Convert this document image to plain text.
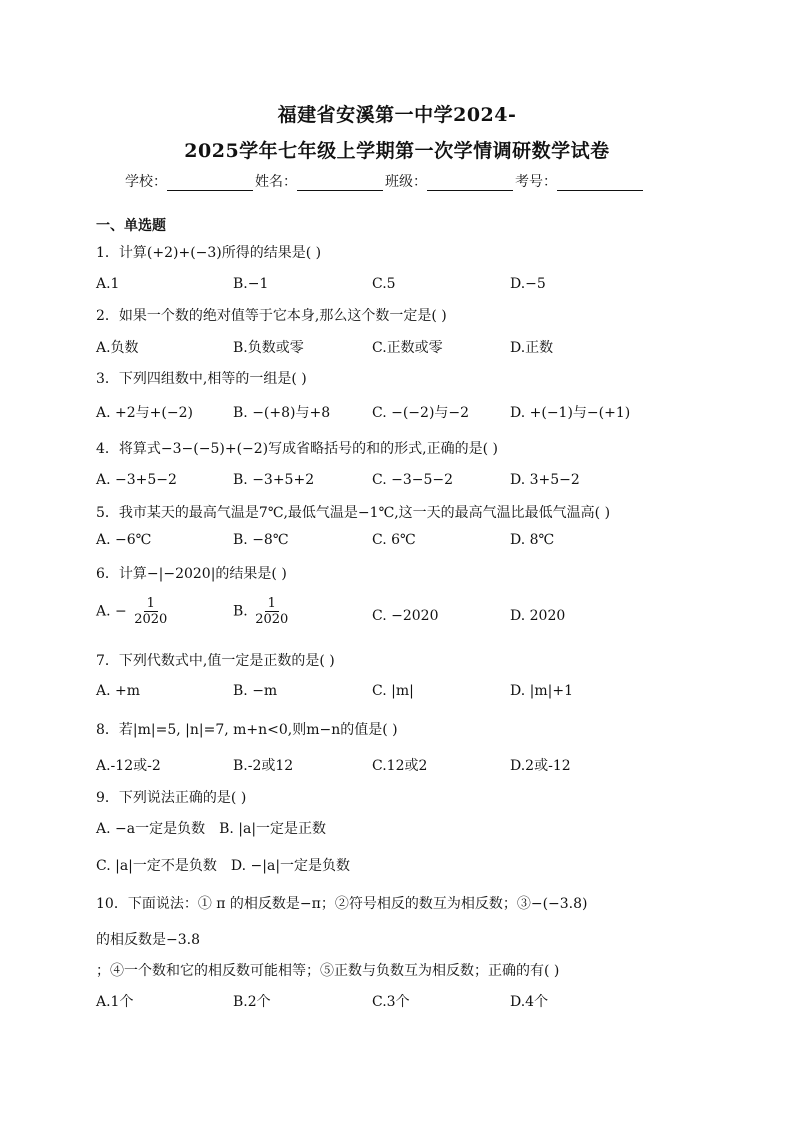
福建省安溪第一中学2024-
2025学年七年级上学期第一次学情调研数学试卷
学校：	姓名：	班级：	考号：
一、单选题
1．计算(+2)+(−3)所得的结果是( )
A.1	B.−1	C.5	D.−5
2．如果一个数的绝对值等于它本身,那么这个数一定是( )
A.负数	B.负数或零	C.正数或零	D.正数
3．下列四组数中,相等的一组是( )
A. +2与+(−2)	B. −(+8)与+8	C. −(−2)与−2	D. +(−1)与−(+1)
4．将算式−3−(−5)+(−2)写成省略括号的和的形式,正确的是( )
A. −3+5−2	B. −3+5+2	C. −3−5−2	D. 3+5−2
5．我市某天的最高气温是7℃,最低气温是−1℃,这一天的最高气温比最低气温高( )
A. −6℃	B. −8℃	C. 6℃	D. 8℃
6．计算−|−2020|的结果是( )
A. − $\frac{1}{2020}$	B. $\frac{1}{2020}$	C. −2020	D. 2020
7．下列代数式中,值一定是正数的是( )
A. +m	B. −m	C. |m|	D. |m|+1
8．若|m|=5, |n|=7, m+n<0,则m−n的值是( )
A.-12或-2	B.-2或12	C.12或2	D.2或-12
9．下列说法正确的是( )
A. −a一定是负数　B. |a|一定是正数
C. |a|一定不是负数　D. −|a|一定是负数
10．下面说法：① π 的相反数是−π；②符号相反的数互为相反数；③−(−3.8)
的相反数是−3.8
；④一个数和它的相反数可能相等；⑤正数与负数互为相反数；正确的有( )
A.1个	B.2个	C.3个	D.4个
